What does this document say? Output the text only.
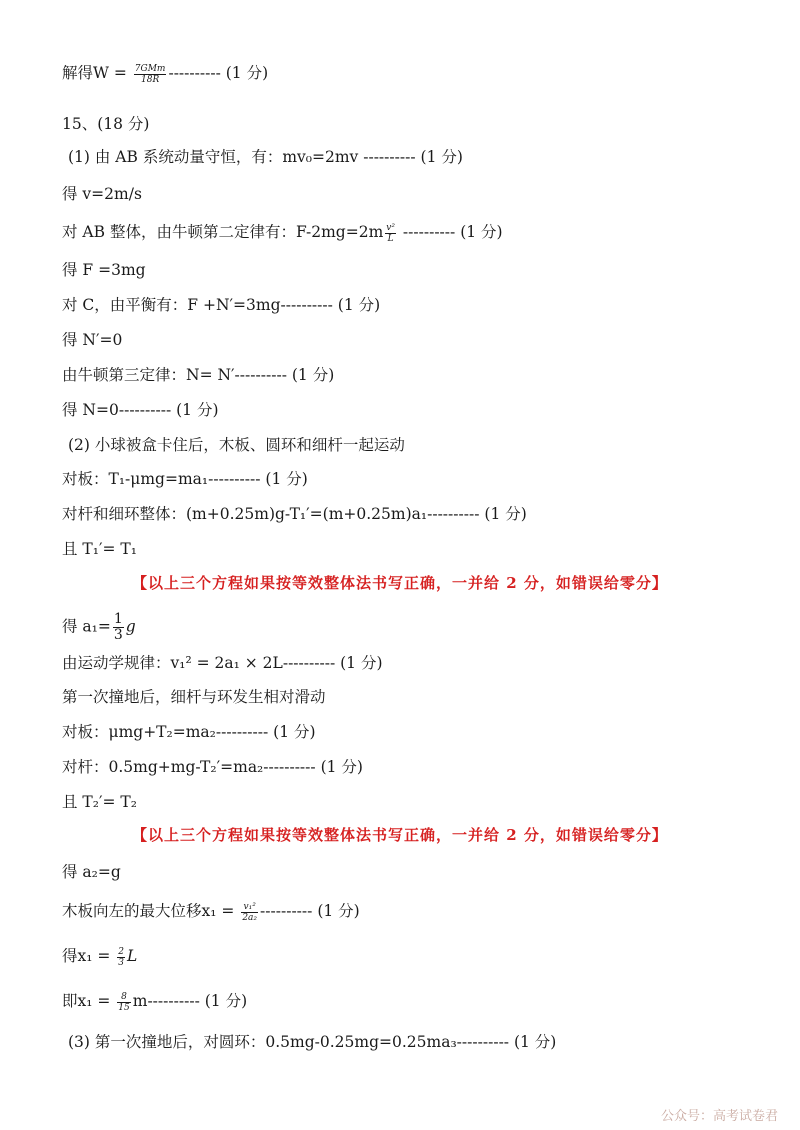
解得$W = \frac{\text{7GMm}}{18R}$ ---------- (1 分)
15、(18 分)
(1) 由 AB 系统动量守恒，有：mv₀=2mv ---------- (1 分)
得 v=2m/s
对 AB 整体，由牛顿第二定律有：$F-2mg=2m \frac{\text{v²}}{L}$ ---------- (1 分)
得 F =3mg
对 C，由平衡有：F +N′=3mg---------- (1 分)
得 N′=0
由牛顿第三定律：N= N′---------- (1 分)
得 N=0---------- (1 分)
(2) 小球被盒卡住后，木板、圆环和细杆一起运动
对板：T₁-μmg=ma₁---------- (1 分)
对杆和细环整体：(m+0.25m)g-T₁′=(m+0.25m)a₁---------- (1 分)
且 T₁′= T₁
【以上三个方程如果按等效整体法书写正确，一并给 2 分，如错误给零分】
得 $a_1= \frac{1}{3}$ g
由运动学规律：v₁² = 2a₁ × 2L---------- (1 分)
第一次撞地后，细杆与环发生相对滑动
对板：μmg+T₂=ma₂---------- (1 分)
对杆：0.5mg+mg-T₂′=ma₂---------- (1 分)
且 T₂′= T₂
【以上三个方程如果按等效整体法书写正确，一并给 2 分，如错误给零分】
得 a₂=g
木板向左的最大位移$x_1 = \frac{\text{v₁²}}{\text{2a₂}}$ ---------- (1 分)
得$x_1 = \frac{2}{3}$ L
即$x_1 = \frac{8}{15} m----------$ (1 分)
(3) 第一次撞地后，对圆环：0.5mg-0.25mg=0.25ma₃---------- (1 分)
公众号：高考试卷君
